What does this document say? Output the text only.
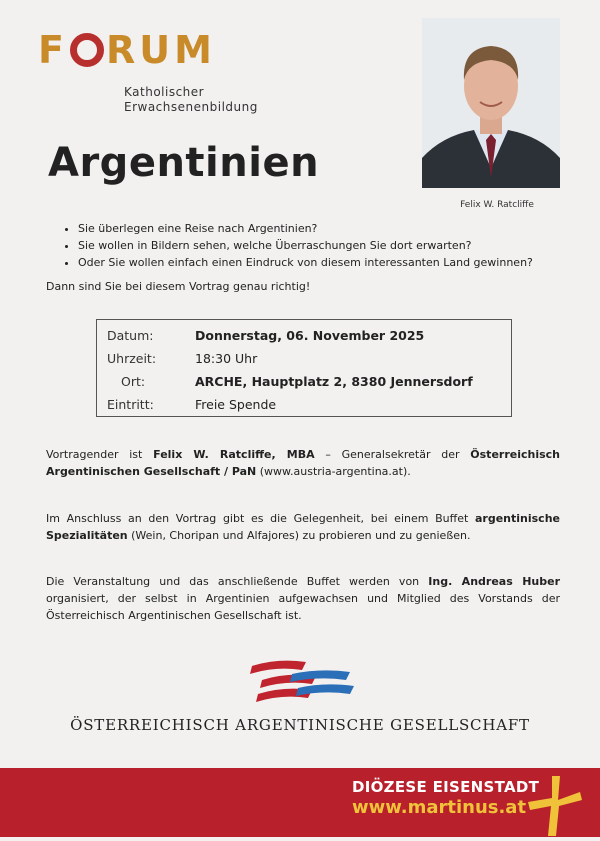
F RUM
Katholischer
Erwachsenenbildung
Argentinien
Felix W. Ratcliffe
• Sie überlegen eine Reise nach Argentinien?
• Sie wollen in Bildern sehen, welche Überraschungen Sie dort erwarten?
• Oder Sie wollen einfach einen Eindruck von diesem interessanten Land gewinnen?
Dann sind Sie bei diesem Vortrag genau richtig!
Datum:	Donnerstag, 06. November 2025
Uhrzeit:	18:30 Uhr
Ort:	ARCHE, Hauptplatz 2, 8380 Jennersdorf
Eintritt:	Freie Spende
Vortragender ist Felix W. Ratcliffe, MBA – Generalsekretär der Österreichisch Argentinischen Gesellschaft / PaN (www.austria-argentina.at).
Im Anschluss an den Vortrag gibt es die Gelegenheit, bei einem Buffet argentinische Spezialitäten (Wein, Choripan und Alfajores) zu probieren und zu genießen.
Die Veranstaltung und das anschließende Buffet werden von Ing. Andreas Huber organisiert, der selbst in Argentinien aufgewachsen und Mitglied des Vorstands der Österreichisch Argentinischen Gesellschaft ist.
ÖSTERREICHISCH ARGENTINISCHE GESELLSCHAFT
DIÖZESE EISENSTADT
www.martinus.at
